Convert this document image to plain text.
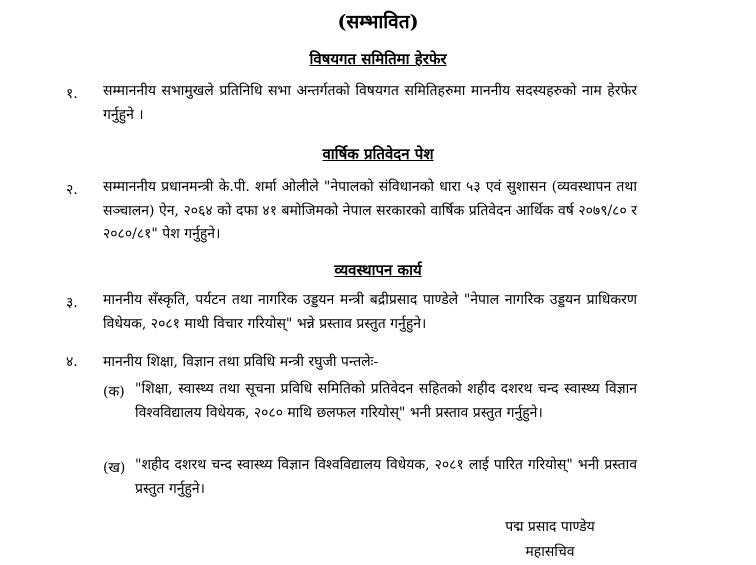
(सम्भावित)
विषयगत समितिमा हेरफेर
१. सम्माननीय सभामुखले प्रतिनिधि सभा अन्तर्गतको विषयगत समितिहरुमा माननीय सदस्यहरुको नाम हेरफेर गर्नुहुने ।
वार्षिक प्रतिवेदन पेश
२. सम्माननीय प्रधानमन्त्री के.पी. शर्मा ओलीले "नेपालको संविधानको धारा ५३ एवं सुशासन (व्यवस्थापन तथा सञ्चालन) ऐन, २०६४ को दफा ४१ बमोजिमको नेपाल सरकारको वार्षिक प्रतिवेदन आर्थिक वर्ष २०७९/८० र २०८०/८१" पेश गर्नुहुने।
व्यवस्थापन कार्य
३. माननीय सँस्कृति, पर्यटन तथा नागरिक उड्डयन मन्त्री बद्रीप्रसाद पाण्डेले "नेपाल नागरिक उड्डयन प्राधिकरण विधेयक, २०८१ माथी विचार गरियोस्" भन्ने प्रस्ताव प्रस्तुत गर्नुहुने।
४. माननीय शिक्षा, विज्ञान तथा प्रविधि मन्त्री रघुजी पन्तलेः-
(क) "शिक्षा, स्वास्थ्य तथा सूचना प्रविधि समितिको प्रतिवेदन सहितको शहीद दशरथ चन्द स्वास्थ्य विज्ञान विश्वविद्यालय विधेयक, २०८० माथि छलफल गरियोस्" भनी प्रस्ताव प्रस्तुत गर्नुहुने।
(ख) "शहीद दशरथ चन्द स्वास्थ्य विज्ञान विश्वविद्यालय विधेयक, २०८१ लाई पारित गरियोस्" भनी प्रस्ताव प्रस्तुत गर्नुहुने।
पद्म प्रसाद पाण्डेय
महासचिव
